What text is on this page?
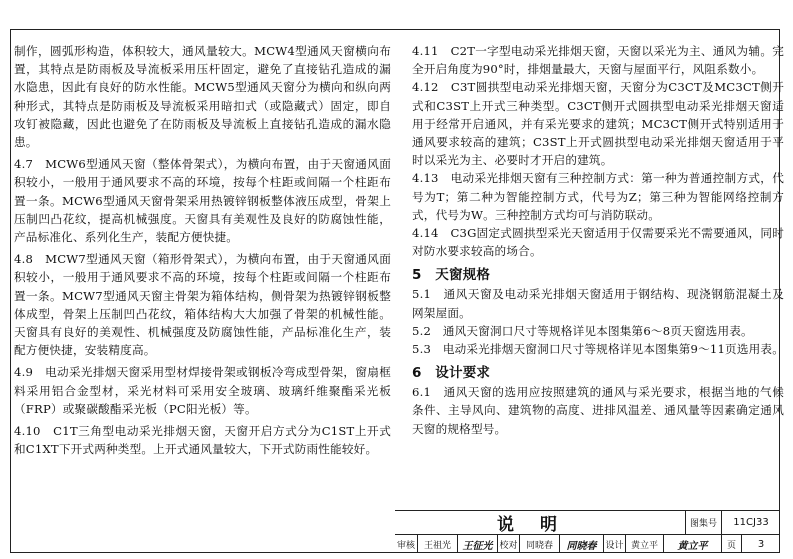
制作，圆弧形构造，体积较大，通风量较大。MCW4型通风天窗横向布置，其特点是防雨板及导流板采用压杆固定，避免了直接钻孔造成的漏水隐患，因此有良好的防水性能。MCW5型通风天窗分为横向和纵向两种形式，其特点是防雨板及导流板采用暗扣式（或隐藏式）固定，即自攻钉被隐藏，因此也避免了在防雨板及导流板上直接钻孔造成的漏水隐患。

4.7　MCW6型通风天窗（整体骨架式），为横向布置，由于天窗通风面积较小，一般用于通风要求不高的环境，按每个柱距或间隔一个柱距布置一条。MCW6型通风天窗骨架采用热镀锌钢板整体液压成型，骨架上压制凹凸花纹，提高机械强度。天窗具有美观性及良好的防腐蚀性能，产品标准化、系列化生产，装配方便快捷。

4.8　MCW7型通风天窗（箱形骨架式），为横向布置，由于天窗通风面积较小，一般用于通风要求不高的环境，按每个柱距或间隔一个柱距布置一条。MCW7型通风天窗主骨架为箱体结构，侧骨架为热镀锌钢板整体成型，骨架上压制凹凸花纹，箱体结构大大加强了骨架的机械性能。天窗具有良好的美观性、机械强度及防腐蚀性能，产品标准化生产，装配方便快捷，安装精度高。

4.9　电动采光排烟天窗采用型材焊接骨架或钢板冷弯成型骨架，窗扇框料采用铝合金型材，采光材料可采用安全玻璃、玻璃纤维聚酯采光板（FRP）或聚碳酸酯采光板（PC阳光板）等。

4.10　C1T三角型电动采光排烟天窗，天窗开启方式分为C1ST上开式和C1XT下开式两种类型。上开式通风量较大，下开式防雨性能较好。

4.11　C2T一字型电动采光排烟天窗，天窗以采光为主、通风为辅。完全开启角度为90°时，排烟量最大，天窗与屋面平行，风阻系数小。

4.12　C3T圆拱型电动采光排烟天窗，天窗分为C3CT及MC3CT侧开式和C3ST上开式三种类型。C3CT侧开式圆拱型电动采光排烟天窗适用于经常开启通风，并有采光要求的建筑；MC3CT侧开式特别适用于通风要求较高的建筑；C3ST上开式圆拱型电动采光排烟天窗适用于平时以采光为主、必要时才开启的建筑。

4.13　电动采光排烟天窗有三种控制方式：第一种为普通控制方式，代号为T；第二种为智能控制方式，代号为Z；第三种为智能网络控制方式，代号为W。三种控制方式均可与消防联动。

4.14　C3G固定式圆拱型采光天窗适用于仅需要采光不需要通风，同时对防水要求较高的场合。

5　天窗规格

5.1　通风天窗及电动采光排烟天窗适用于钢结构、现浇钢筋混凝土及网架屋面。

5.2　通风天窗洞口尺寸等规格详见本图集第6～8页天窗选用表。

5.3　电动采光排烟天窗洞口尺寸等规格详见本图集第9～11页选用表。

6　设计要求

6.1　通风天窗的选用应按照建筑的通风与采光要求，根据当地的气候条件、主导风向、建筑物的高度、进排风温差、通风量等因素确定通风天窗的规格型号。

说明	图集号	11CJ33
审核 王祖光	王征光 校对 同晓春	同晓春 设计 黄立平	黄立平	页	3
